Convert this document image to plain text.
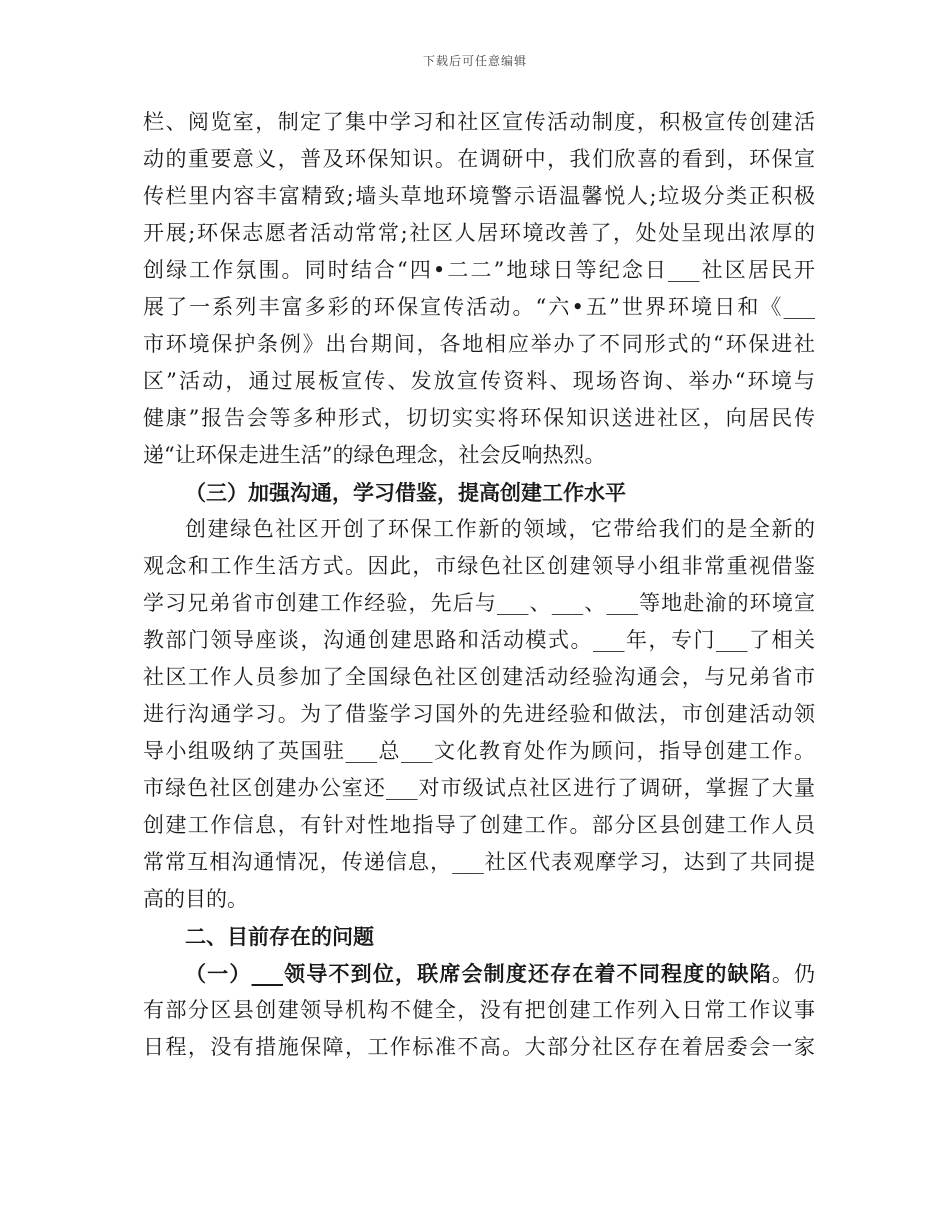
下载后可任意编辑
栏、阅览室，制定了集中学习和社区宣传活动制度，积极宣传创建活
动的重要意义，普及环保知识。在调研中，我们欣喜的看到，环保宣
传栏里内容丰富精致;墙头草地环境警示语温馨悦人;垃圾分类正积极
开展;环保志愿者活动常常;社区人居环境改善了，处处呈现出浓厚的
创绿工作氛围。同时结合“四•二二”地球日等纪念日___社区居民开
展了一系列丰富多彩的环保宣传活动。“六•五”世界环境日和《___
市环境保护条例》出台期间，各地相应举办了不同形式的“环保进社
区”活动，通过展板宣传、发放宣传资料、现场咨询、举办“环境与
健康”报告会等多种形式，切切实实将环保知识送进社区，向居民传
递“让环保走进生活”的绿色理念，社会反响热烈。
（三）加强沟通，学习借鉴，提高创建工作水平
创建绿色社区开创了环保工作新的领域，它带给我们的是全新的
观念和工作生活方式。因此，市绿色社区创建领导小组非常重视借鉴
学习兄弟省市创建工作经验，先后与___、___、___等地赴渝的环境宣
教部门领导座谈，沟通创建思路和活动模式。___年，专门___了相关
社区工作人员参加了全国绿色社区创建活动经验沟通会，与兄弟省市
进行沟通学习。为了借鉴学习国外的先进经验和做法，市创建活动领
导小组吸纳了英国驻___总___文化教育处作为顾问，指导创建工作。
市绿色社区创建办公室还___对市级试点社区进行了调研，掌握了大量
创建工作信息，有针对性地指导了创建工作。部分区县创建工作人员
常常互相沟通情况，传递信息，___社区代表观摩学习，达到了共同提
高的目的。
二、目前存在的问题
（一）___领导不到位，联席会制度还存在着不同程度的缺陷。仍
有部分区县创建领导机构不健全，没有把创建工作列入日常工作议事
日程，没有措施保障，工作标准不高。大部分社区存在着居委会一家
